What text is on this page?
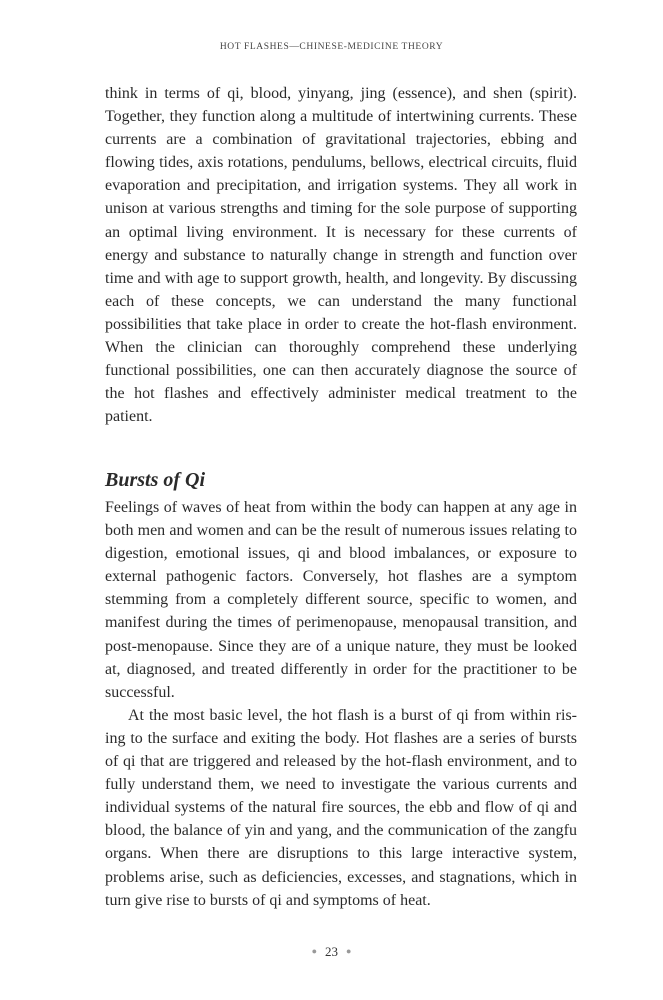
HOT FLASHES—CHINESE-MEDICINE THEORY

think in terms of qi, blood, yinyang, jing (essence), and shen (spirit). Together, they function along a multitude of intertwining currents. These currents are a combination of gravitational trajectories, ebbing and flowing tides, axis rotations, pendulums, bellows, electrical circuits, fluid evaporation and precipitation, and irrigation systems. They all work in unison at various strengths and timing for the sole purpose of supporting an optimal living environment. It is necessary for these currents of energy and substance to naturally change in strength and function over time and with age to support growth, health, and longevity. By discussing each of these concepts, we can understand the many functional possibilities that take place in order to create the hot-flash environment. When the clinician can thoroughly comprehend these underlying functional possibilities, one can then accurately diagnose the source of the hot flashes and effectively administer medical treatment to the patient.

Bursts of Qi

Feelings of waves of heat from within the body can happen at any age in both men and women and can be the result of numerous issues relating to digestion, emotional issues, qi and blood imbalances, or exposure to external pathogenic factors. Conversely, hot flashes are a symptom stemming from a completely different source, specific to women, and manifest during the times of perimenopause, menopausal transition, and post-menopause. Since they are of a unique nature, they must be looked at, diagnosed, and treated differently in order for the practitioner to be successful.

At the most basic level, the hot flash is a burst of qi from within rising to the surface and exiting the body. Hot flashes are a series of bursts of qi that are triggered and released by the hot-flash environment, and to fully understand them, we need to investigate the various currents and individual systems of the natural fire sources, the ebb and flow of qi and blood, the balance of yin and yang, and the communication of the zangfu organs. When there are disruptions to this large interactive system, problems arise, such as deficiencies, excesses, and stagnations, which in turn give rise to bursts of qi and symptoms of heat.

● 23 ●
